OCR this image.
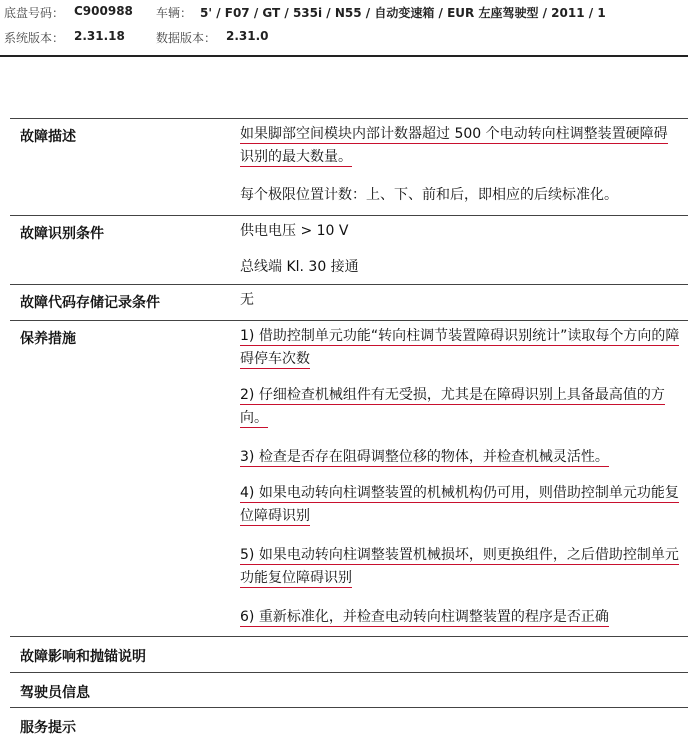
底盘号码： C900988 车辆： 5' / F07 / GT / 535i / N55 / 自动变速箱 / EUR 左座驾驶型 / 2011 / 1
系统版本： 2.31.18	数据版本： 2.31.0
故障描述	如果脚部空间模块内部计数器超过 500 个电动转向柱调整装置硬障碍识别的最大数量。
每个极限位置计数：上、下、前和后，即相应的后续标准化。
故障识别条件	供电电压 > 10 V
总线端 Kl. 30 接通
故障代码存储记录条件	无
保养措施	1) 借助控制单元功能“转向柱调节装置障碍识别统计”读取每个方向的障碍停车次数
2) 仔细检查机械组件有无受损，尤其是在障碍识别上具备最高值的方向。
3) 检查是否存在阻碍调整位移的物体，并检查机械灵活性。
4) 如果电动转向柱调整装置的机械机构仍可用，则借助控制单元功能复位障碍识别
5) 如果电动转向柱调整装置机械损坏，则更换组件，之后借助控制单元功能复位障碍识别
6) 重新标准化，并检查电动转向柱调整装置的程序是否正确
故障影响和抛锚说明
驾驶员信息
服务提示
